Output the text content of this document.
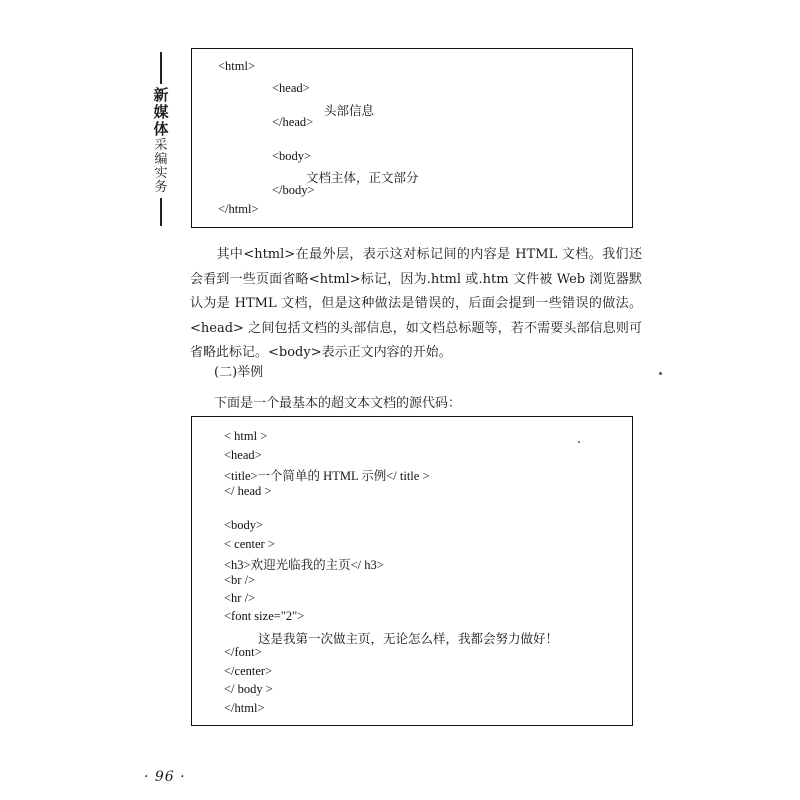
新
媒
体
采
编
实
务
<html>
<head>
头部信息
</head>
<body>
文档主体，正文部分
</body>
</html>
其中<html>在最外层，表示这对标记间的内容是 HTML 文档。我们还会看到一些页面省略<html>标记，因为.html 或.htm 文件被 Web 浏览器默认为是 HTML 文档，但是这种做法是错误的，后面会提到一些错误的做法。<head> 之间包括文档的头部信息，如文档总标题等，若不需要头部信息则可省略此标记。<body>表示正文内容的开始。
(二)举例
下面是一个最基本的超文本文档的源代码：
< html >
<head>
<title>一个简单的 HTML 示例</ title >
</ head >
<body>
< center >
<h3>欢迎光临我的主页</ h3>
<br />
<hr />
<font size="2">
这是我第一次做主页，无论怎么样，我都会努力做好！
</font>
</center>
</ body >
</html>
· 96 ·
